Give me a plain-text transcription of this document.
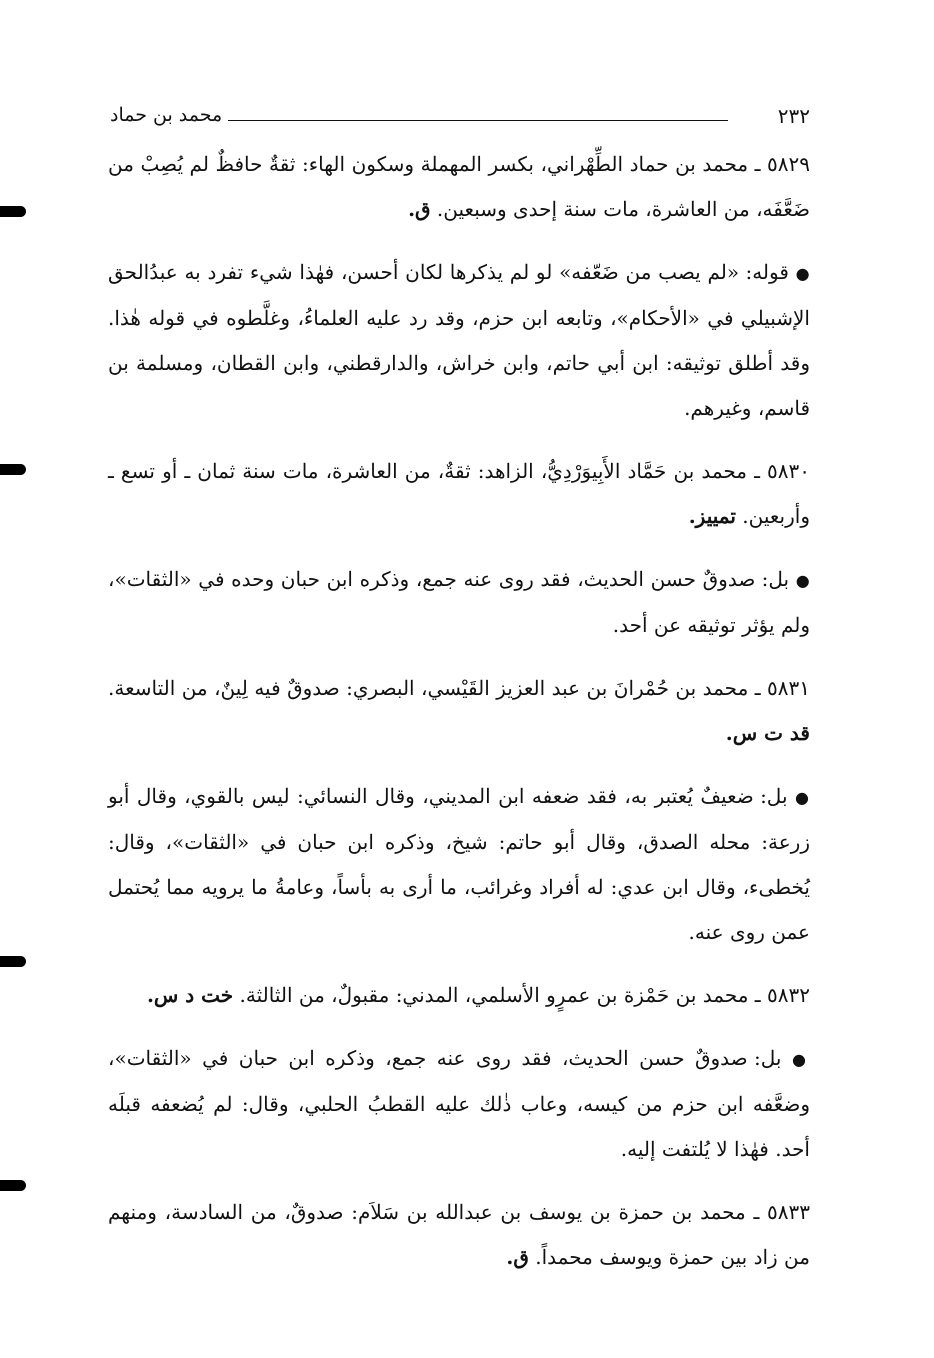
٢٣٢
محمد بن حماد

٥٨٢٩ ـ محمد بن حماد الطِّهْراني، بكسر المهملة وسكون الهاء: ثقةٌ حافظٌ لم يُصِبْ من ضَعَّفَه، من العاشرة، مات سنة إحدى وسبعين. ق.

● قوله: «لم يصب من ضَعّفه» لو لم يذكرها لكان أحسن، فهٰذا شيء تفرد به عبدُالحق الإشبيلي في «الأحكام»، وتابعه ابن حزم، وقد رد عليه العلماءُ، وغلَّطوه في قوله هٰذا. وقد أطلق توثيقه: ابن أبي حاتم، وابن خراش، والدارقطني، وابن القطان، ومسلمة بن قاسم، وغيرهم.

٥٨٣٠ ـ محمد بن حَمَّاد الأَبِيوَرْدِيُّ، الزاهد: ثقةٌ، من العاشرة، مات سنة ثمان ـ أو تسع ـ وأربعين. تمييز.

● بل: صدوقٌ حسن الحديث، فقد روى عنه جمع، وذكره ابن حبان وحده في «الثقات»، ولم يؤثر توثيقه عن أحد.

٥٨٣١ ـ محمد بن حُمْرانَ بن عبد العزيز القَيْسي، البصري: صدوقٌ فيه لِينٌ، من التاسعة. قد ت س.

● بل: ضعيفٌ يُعتبر به، فقد ضعفه ابن المديني، وقال النسائي: ليس بالقوي، وقال أبو زرعة: محله الصدق، وقال أبو حاتم: شيخ، وذكره ابن حبان في «الثقات»، وقال: يُخطىء، وقال ابن عدي: له أفراد وغرائب، ما أرى به بأساً، وعامةُ ما يرويه مما يُحتمل عمن روى عنه.

٥٨٣٢ ـ محمد بن حَمْزة بن عمرٍو الأسلمي، المدني: مقبولٌ، من الثالثة. خت د س.

● بل: صدوقٌ حسن الحديث، فقد روى عنه جمع، وذكره ابن حبان في «الثقات»، وضعَّفه ابن حزم من كيسه، وعاب ذٰلك عليه القطبُ الحلبي، وقال: لم يُضعفه قبلَه أحد. فهٰذا لا يُلتفت إليه.

٥٨٣٣ ـ محمد بن حمزة بن يوسف بن عبدالله بن سَلاَم: صدوقٌ، من السادسة، ومنهم من زاد بين حمزة ويوسف محمداً. ق.
